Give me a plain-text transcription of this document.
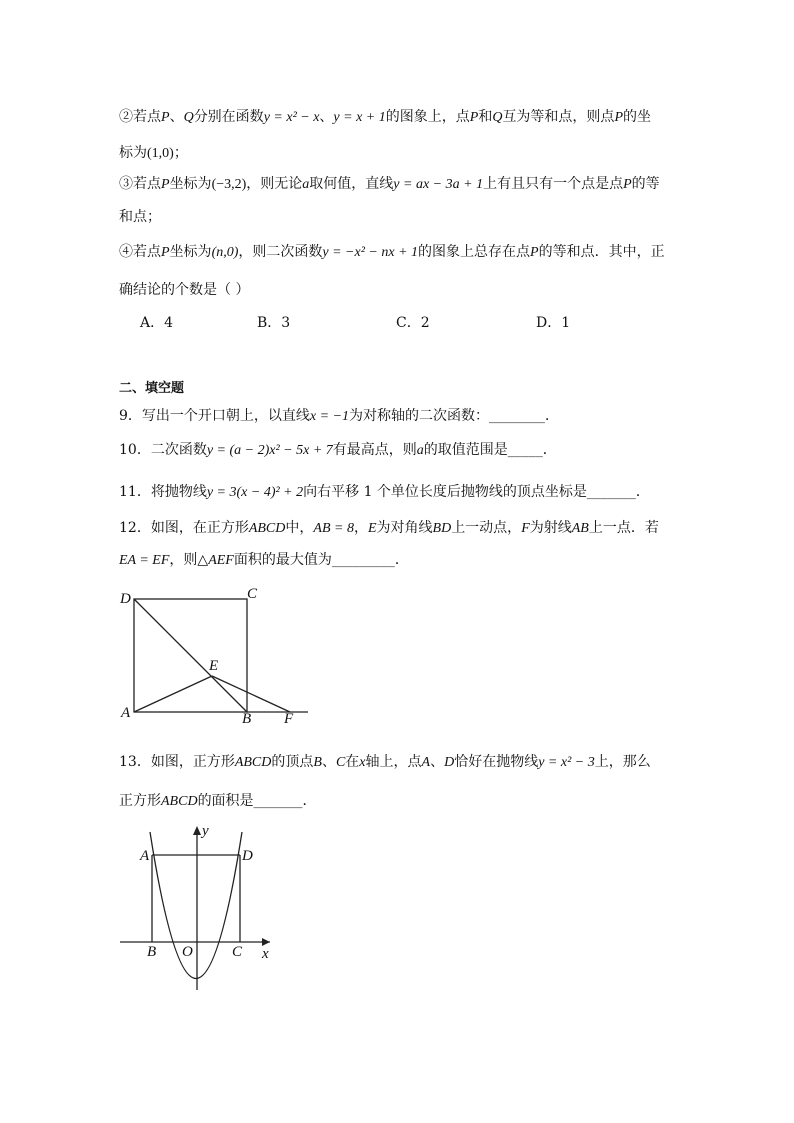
②若点P、Q分别在函数y = x² − x、y = x + 1的图象上，点P和Q互为等和点，则点P的坐
标为(1,0)；
③若点P坐标为(−3,2)，则无论a取何值，直线y = ax − 3a + 1上有且只有一个点是点P的等
和点；
④若点P坐标为(n,0)，则二次函数y = −x² − nx + 1的图象上总存在点P的等和点．其中，正
确结论的个数是（ ）
A．4	B．3	C．2	D．1
二、填空题
9．写出一个开口朝上，以直线x = −1为对称轴的二次函数：________．
10．二次函数y = (a − 2)x² − 5x + 7有最高点，则a的取值范围是_____．
11．将抛物线y = 3(x − 4)² + 2向右平移 1 个单位长度后抛物线的顶点坐标是_______．
12．如图，在正方形ABCD中，AB = 8，E为对角线BD上一动点，F为射线AB上一点．若
EA = EF，则△AEF面积的最大值为_________．
13．如图，正方形ABCD的顶点B、C在x轴上，点A、D恰好在抛物线y = x² − 3上，那么
正方形ABCD的面积是_______．
D	C
E
A	B F
A	D
y
B O	C x
